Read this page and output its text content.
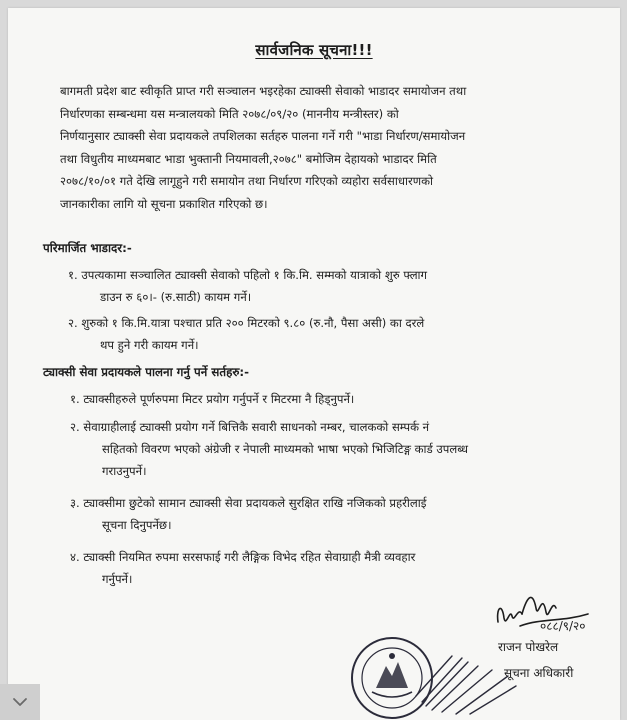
सार्वजनिक सूचना!!!
बागमती प्रदेश बाट स्वीकृति प्राप्त गरी सञ्चालन भइरहेका ट्याक्सी सेवाको भाडादर समायोजन तथा
निर्धारणका सम्बन्धमा यस मन्त्रालयको मिति २०७८/०९/२० (माननीय मन्त्रीस्तर) को
निर्णयानुसार ट्याक्सी सेवा प्रदायकले तपशिलका सर्तहरु पालना गर्ने गरी "भाडा निर्धारण/समायोजन
तथा विधुतीय माध्यमबाट भाडा भुक्तानी नियमावली,२०७८" बमोजिम देहायको भाडादर मिति
२०७८/१०/०१ गते देखि लागूहुने गरी समायोन तथा निर्धारण गरिएको व्यहोरा सर्वसाधारणको
जानकारीका लागि यो सूचना प्रकाशित गरिएको छ।
परिमार्जित भाडादर:-
१. उपत्यकामा सञ्चालित ट्याक्सी सेवाको पहिलो १ कि.मि. सम्मको यात्राको शुरु फ्लाग
डाउन रु ६०।- (रु.साठी) कायम गर्ने।
२. शुरुको १ कि.मि.यात्रा पश्चात प्रति २०० मिटरको ९.८० (रु.नौ, पैसा असी) का दरले
थप हुने गरी कायम गर्ने।
ट्याक्सी सेवा प्रदायकले पालना गर्नु पर्ने सर्तहरु:-
१. ट्याक्सीहरुले पूर्णरुपमा मिटर प्रयोग गर्नुपर्ने र मिटरमा नै हिड्नुपर्ने।
२. सेवाग्राहीलाई ट्याक्सी प्रयोग गर्ने बित्तिकै सवारी साधनको नम्बर, चालकको सम्पर्क नं
सहितको विवरण भएको अंग्रेजी र नेपाली माध्यमको भाषा भएको भिजिटिङ्ग कार्ड उपलब्ध
गराउनुपर्ने।
३. ट्याक्सीमा छुटेको सामान ट्याक्सी सेवा प्रदायकले सुरक्षित राखि नजिकको प्रहरीलाई
सूचना दिनुपर्नेछ।
४. ट्याक्सी नियमित रुपमा सरसफाई गरी लैङ्गिक विभेद रहित सेवाग्राही मैत्री व्यवहार
गर्नुपर्ने।
०८८/९/२०
राजन पोखरेल
सूचना अधिकारी
